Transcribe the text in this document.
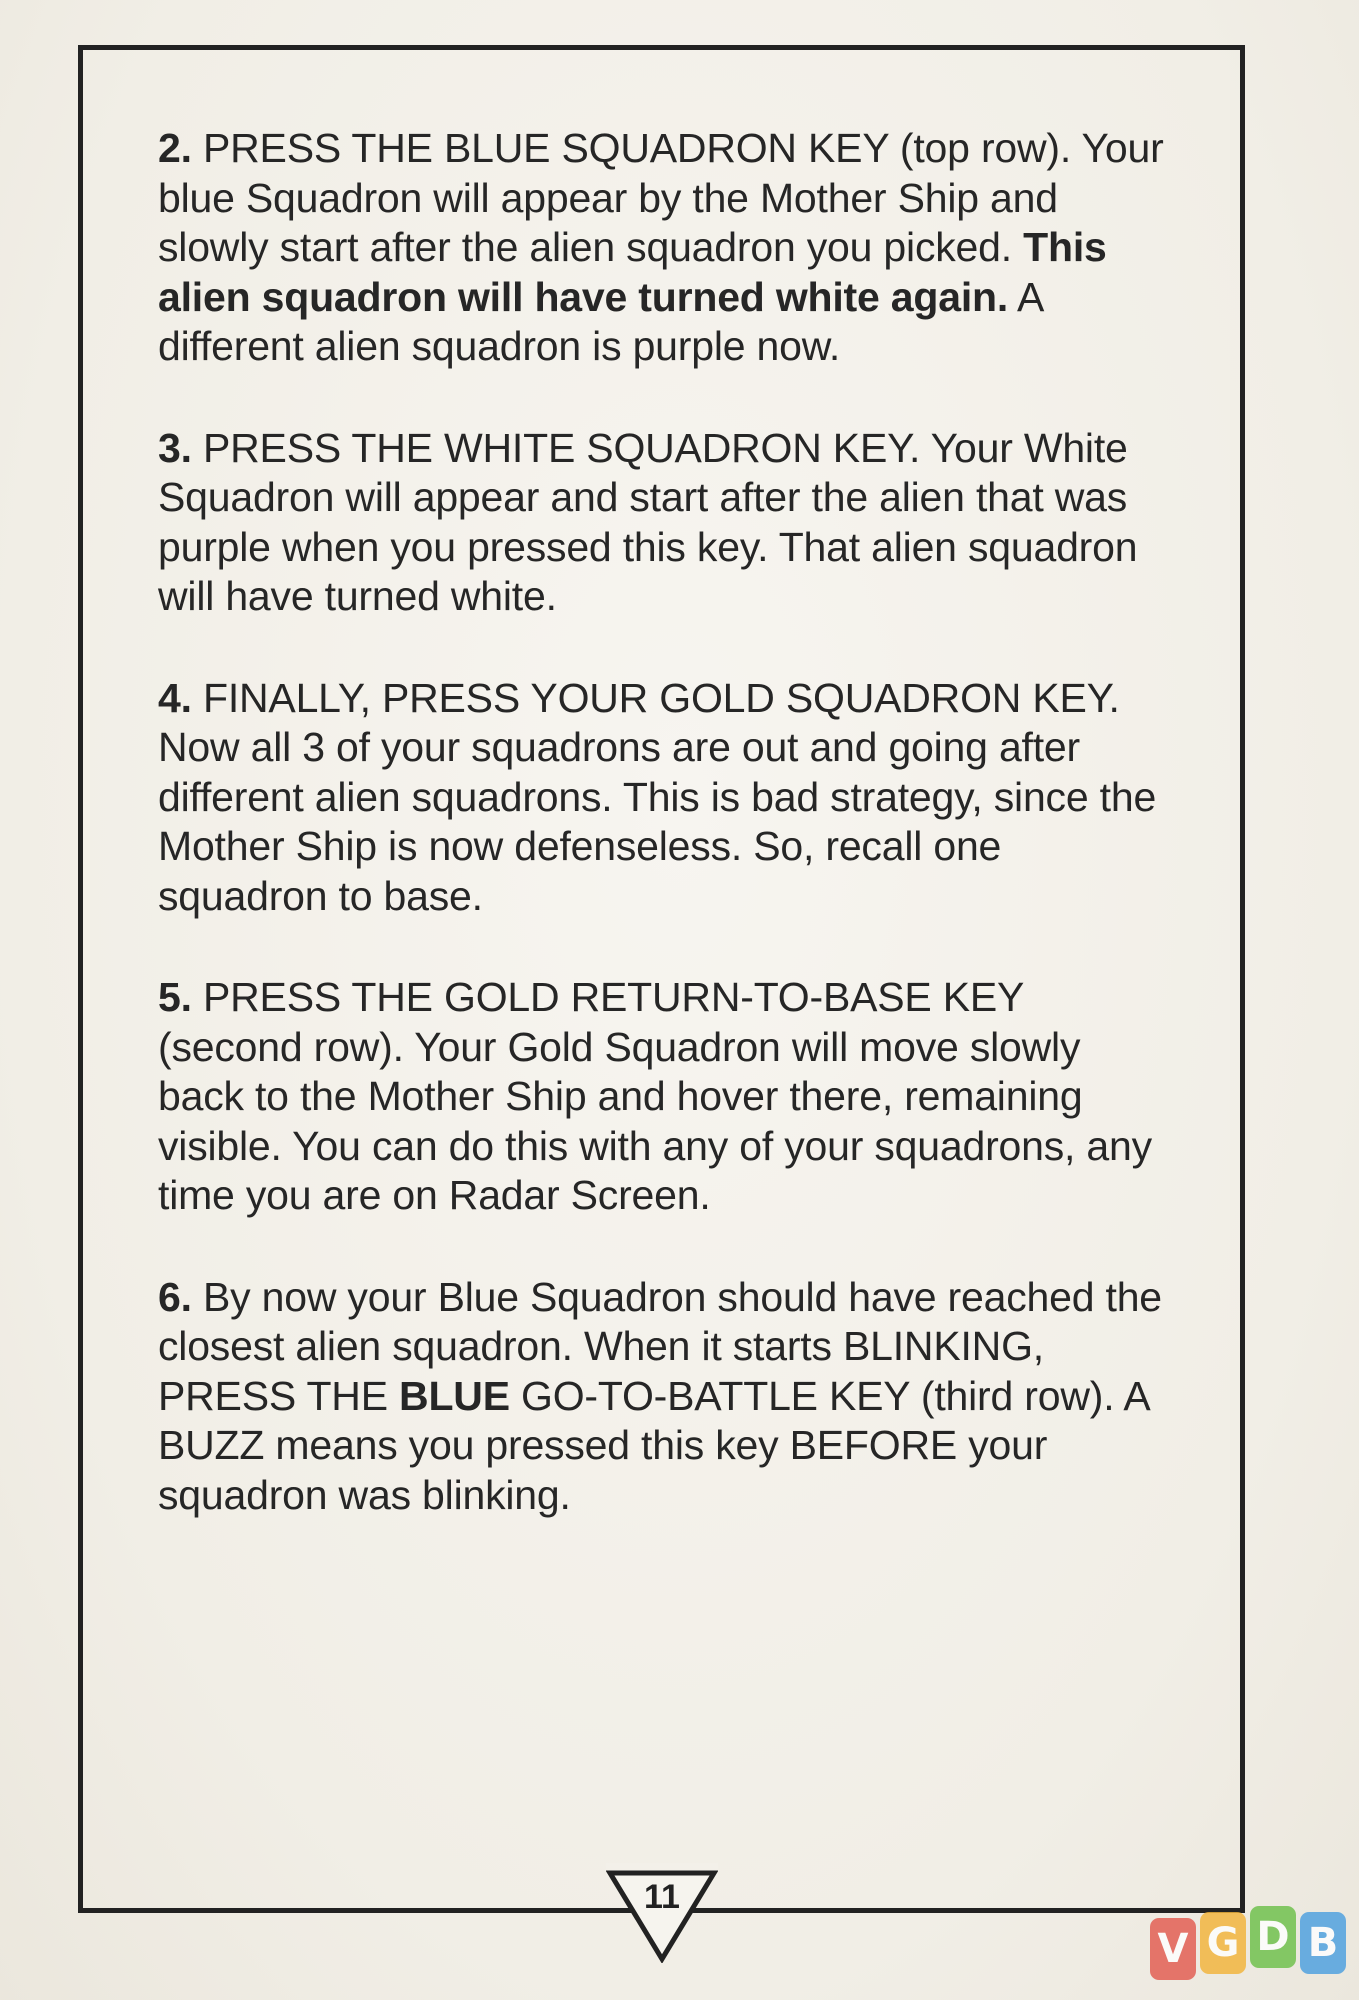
2. PRESS THE BLUE SQUADRON KEY (top row). Your blue Squadron will appear by the Mother Ship and slowly start after the alien squadron you picked. This alien squadron will have turned white again. A different alien squadron is purple now.

3. PRESS THE WHITE SQUADRON KEY. Your White Squadron will appear and start after the alien that was purple when you pressed this key. That alien squadron will have turned white.

4. FINALLY, PRESS YOUR GOLD SQUADRON KEY. Now all 3 of your squadrons are out and going after different alien squadrons. This is bad strategy, since the Mother Ship is now defenseless. So, recall one squadron to base.

5. PRESS THE GOLD RETURN-TO-BASE KEY (second row). Your Gold Squadron will move slowly back to the Mother Ship and hover there, remaining visible. You can do this with any of your squadrons, any time you are on Radar Screen.

6. By now your Blue Squadron should have reached the closest alien squadron. When it starts BLINKING, PRESS THE BLUE GO-TO-BATTLE KEY (third row). A BUZZ means you pressed this key BEFORE your squadron was blinking.

11
V G D B
